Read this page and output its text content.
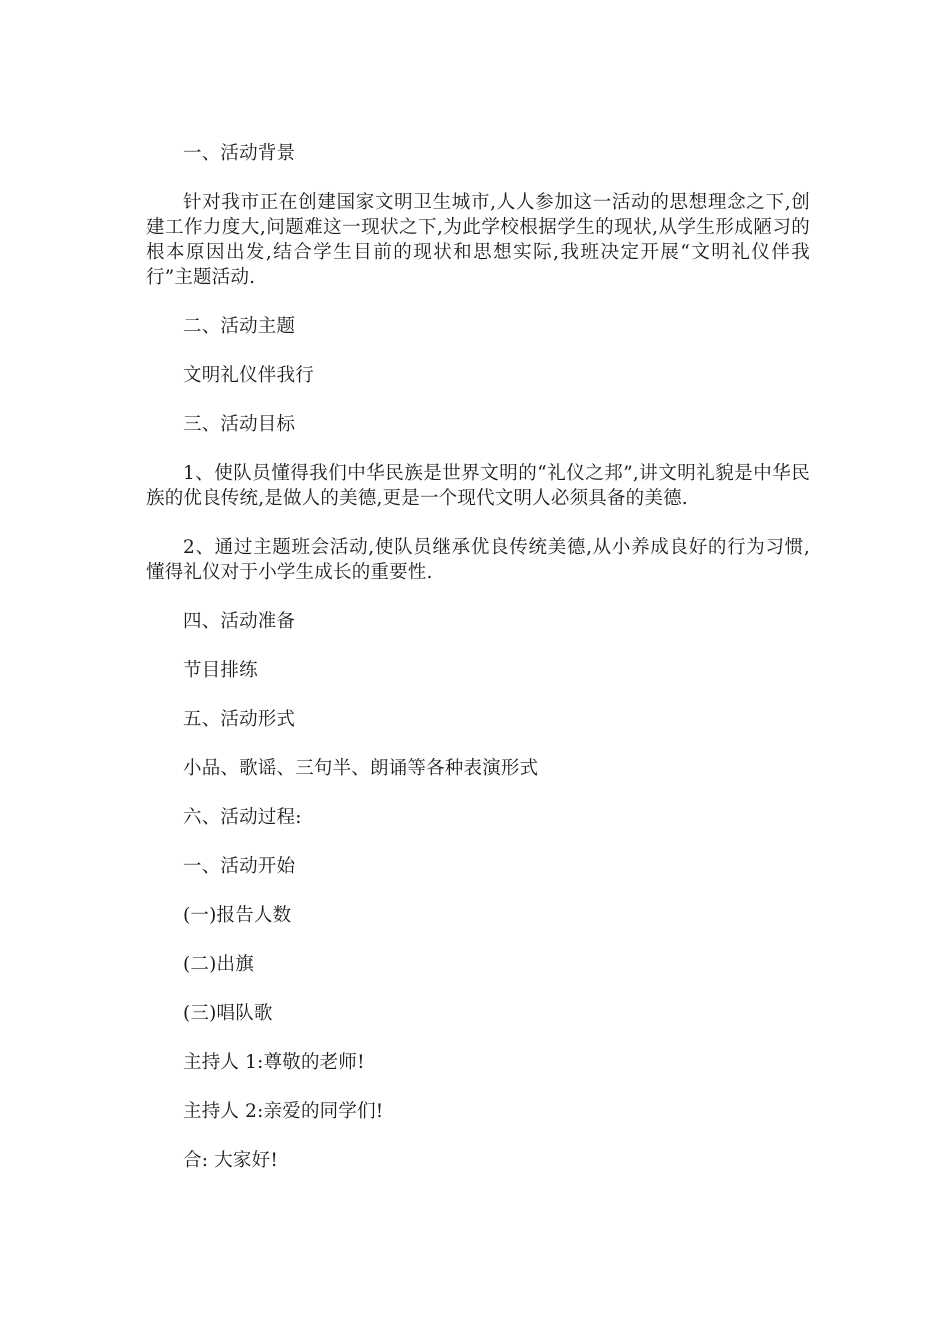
一、活动背景

针对我市正在创建国家文明卫生城市,人人参加这一活动的思想理念之下,创建工作力度大,问题难这一现状之下,为此学校根据学生的现状,从学生形成陋习的根本原因出发,结合学生目前的现状和思想实际,我班决定开展“文明礼仪伴我行”主题活动.

二、活动主题

文明礼仪伴我行

三、活动目标

1、使队员懂得我们中华民族是世界文明的“礼仪之邦”,讲文明礼貌是中华民族的优良传统,是做人的美德,更是一个现代文明人必须具备的美德.

2、通过主题班会活动,使队员继承优良传统美德,从小养成良好的行为习惯,懂得礼仪对于小学生成长的重要性.

四、活动准备

节目排练

五、活动形式

小品、歌谣、三句半、朗诵等各种表演形式

六、活动过程:

一、活动开始

(一)报告人数

(二)出旗

(三)唱队歌

主持人 1:尊敬的老师!

主持人 2:亲爱的同学们!

合: 大家好!
